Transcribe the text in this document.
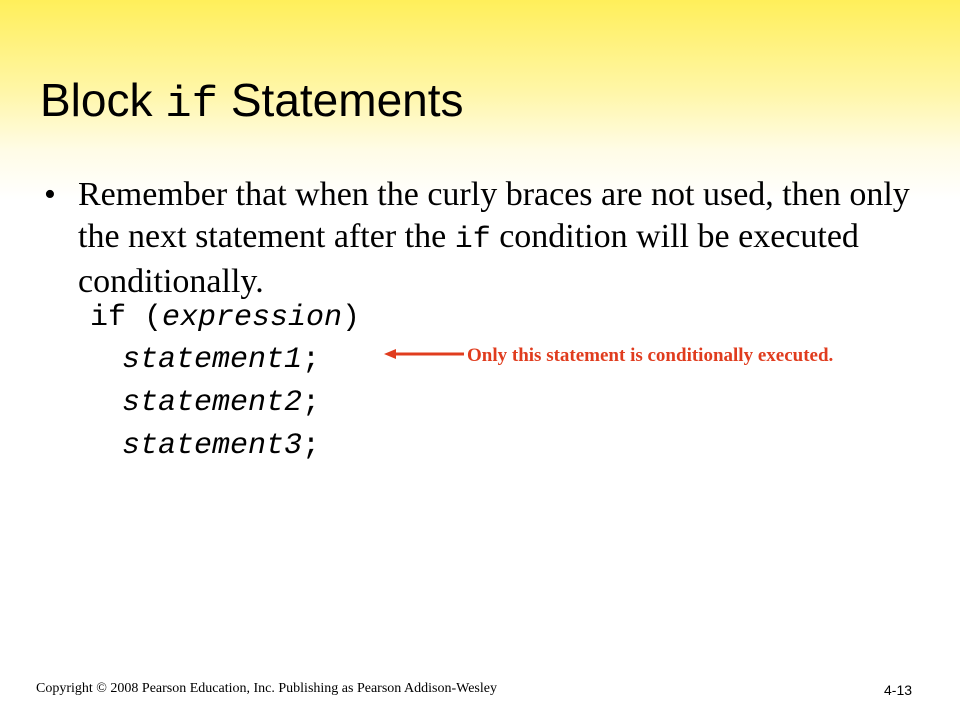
Block if Statements
• Remember that when the curly braces are not used, then only the next statement after the if condition will be executed conditionally.
if (expression)
statement1;
statement2;
statement3;
Only this statement is conditionally executed.
Copyright © 2008 Pearson Education, Inc. Publishing as Pearson Addison-Wesley	4-13
